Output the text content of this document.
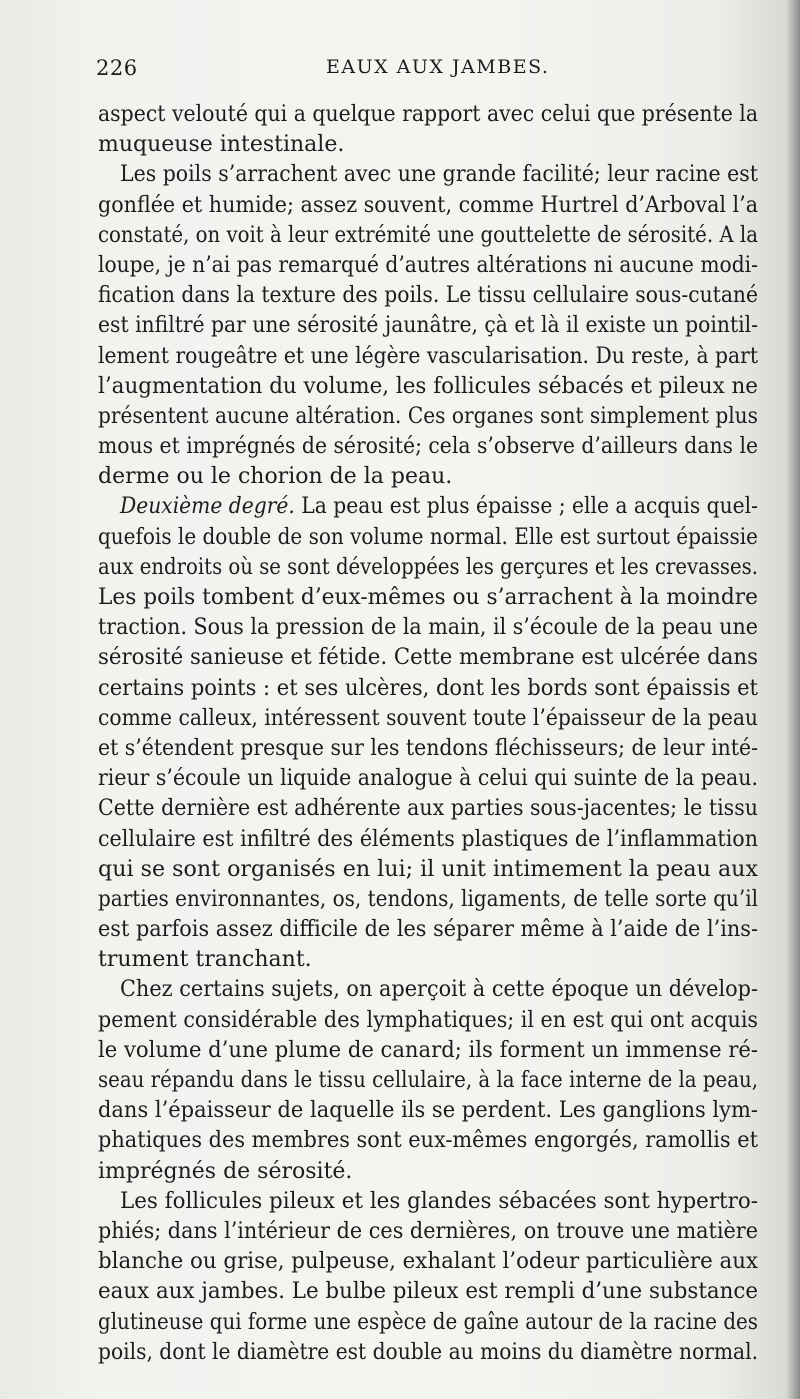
226	EAUX AUX JAMBES.
aspect velouté qui a quelque rapport avec celui que présente la
muqueuse intestinale.
Les poils s’arrachent avec une grande facilité; leur racine est
gonflée et humide; assez souvent, comme Hurtrel d’Arboval l’a
constaté, on voit à leur extrémité une gouttelette de sérosité. A la
loupe, je n’ai pas remarqué d’autres altérations ni aucune modi-
fication dans la texture des poils. Le tissu cellulaire sous-cutané
est infiltré par une sérosité jaunâtre, çà et là il existe un pointil-
lement rougeâtre et une légère vascularisation. Du reste, à part
l’augmentation du volume, les follicules sébacés et pileux ne
présentent aucune altération. Ces organes sont simplement plus
mous et imprégnés de sérosité; cela s’observe d’ailleurs dans le
derme ou le chorion de la peau.
Deuxième degré. La peau est plus épaisse ; elle a acquis quel-
quefois le double de son volume normal. Elle est surtout épaissie
aux endroits où se sont développées les gerçures et les crevasses.
Les poils tombent d’eux-mêmes ou s’arrachent à la moindre
traction. Sous la pression de la main, il s’écoule de la peau une
sérosité sanieuse et fétide. Cette membrane est ulcérée dans
certains points : et ses ulcères, dont les bords sont épaissis et
comme calleux, intéressent souvent toute l’épaisseur de la peau
et s’étendent presque sur les tendons fléchisseurs; de leur inté-
rieur s’écoule un liquide analogue à celui qui suinte de la peau.
Cette dernière est adhérente aux parties sous-jacentes; le tissu
cellulaire est infiltré des éléments plastiques de l’inflammation
qui se sont organisés en lui; il unit intimement la peau aux
parties environnantes, os, tendons, ligaments, de telle sorte qu’il
est parfois assez difficile de les séparer même à l’aide de l’ins-
trument tranchant.
Chez certains sujets, on aperçoit à cette époque un dévelop-
pement considérable des lymphatiques; il en est qui ont acquis
le volume d’une plume de canard; ils forment un immense ré-
seau répandu dans le tissu cellulaire, à la face interne de la peau,
dans l’épaisseur de laquelle ils se perdent. Les ganglions lym-
phatiques des membres sont eux-mêmes engorgés, ramollis et
imprégnés de sérosité.
Les follicules pileux et les glandes sébacées sont hypertro-
phiés; dans l’intérieur de ces dernières, on trouve une matière
blanche ou grise, pulpeuse, exhalant l’odeur particulière aux
eaux aux jambes. Le bulbe pileux est rempli d’une substance
glutineuse qui forme une espèce de gaîne autour de la racine des
poils, dont le diamètre est double au moins du diamètre normal.
